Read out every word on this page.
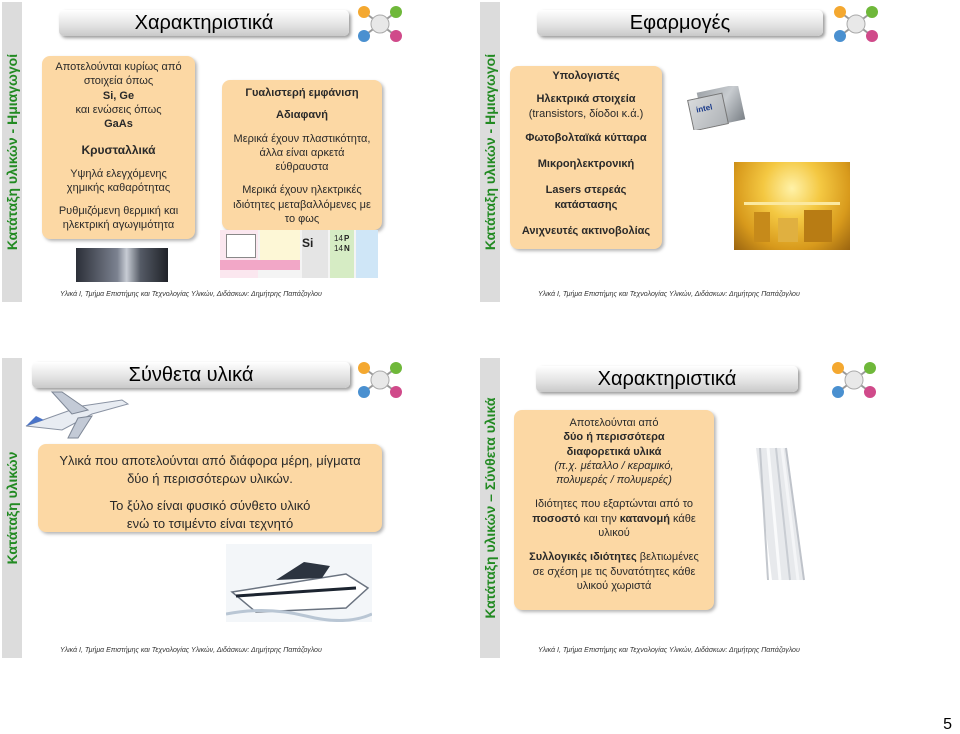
Κατάταξη υλικών - Ημιαγωγοί
Χαρακτηριστικά

Αποτελούνται κυρίως από

στοιχεία όπως

Si, Ge

και ενώσεις όπως

GaAs

Κρυσταλλικά

Υψηλά ελεγχόμενης

χημικής καθαρότητας

Ρυθμιζόμενη θερμική και

ηλεκτρική αγωγιμότητα

Γυαλιστερή εμφάνιση

Αδιαφανή

Μερικά έχουν πλαστικότητα,

άλλα είναι αρκετά

εύθραυστα

Μερικά έχουν ηλεκτρικές

ιδιότητες μεταβαλλόμενες με

το φως

Si	14 P
14 N
Υλικά Ι, Τμήμα Επιστήμης και Τεχνολογίας Υλικών, Διδάσκων: Δημήτρης Παπάζογλου
Κατάταξη υλικών - Ημιαγωγοί
Εφαρμογές

Υπολογιστές

Ηλεκτρικά στοιχεία

(transistors, δίοδοι κ.ά.)

Φωτοβολταϊκά κύτταρα

Μικροηλεκτρονική

Lasers στερεάς

κατάστασης

Ανιχνευτές ακτινοβολίας

intel
Υλικά Ι, Τμήμα Επιστήμης και Τεχνολογίας Υλικών, Διδάσκων: Δημήτρης Παπάζογλου
Κατάταξη υλικών
Σύνθετα υλικά

Υλικά που αποτελούνται από διάφορα μέρη, μίγματα

δύο ή περισσότερων υλικών.

Το ξύλο είναι φυσικό σύνθετο υλικό

ενώ το τσιμέντο είναι τεχνητό

Υλικά Ι, Τμήμα Επιστήμης και Τεχνολογίας Υλικών, Διδάσκων: Δημήτρης Παπάζογλου
Κατάταξη υλικών – Σύνθετα υλικά
Χαρακτηριστικά

Αποτελούνται από

δύο ή περισσότερα

διαφορετικά υλικά

(π.χ. μέταλλο / κεραμικό,

πολυμερές / πολυμερές)

Ιδιότητες που εξαρτώνται από το

ποσοστό και την κατανομή κάθε

υλικού

Συλλογικές ιδιότητες βελτιωμένες

σε σχέση με τις δυνατότητες κάθε

υλικού χωριστά

Υλικά Ι, Τμήμα Επιστήμης και Τεχνολογίας Υλικών, Διδάσκων: Δημήτρης Παπάζογλου
5
